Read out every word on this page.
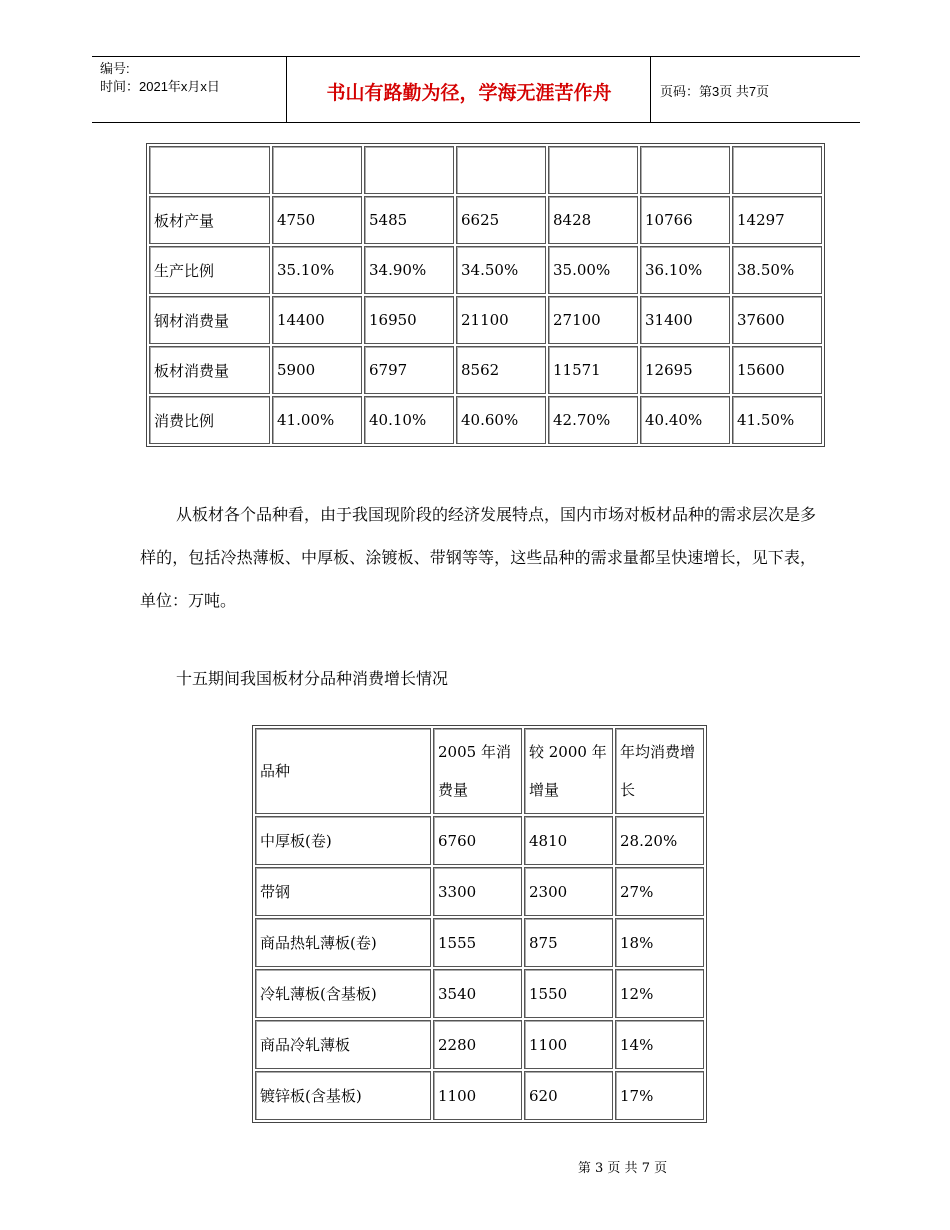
编号:
时间：2021年x月x日	书山有路勤为径，学海无涯苦作舟	页码：第3页 共7页

板材产量	4750	5485	6625	8428	10766	14297
生产比例	35.10%	34.90%	34.50%	35.00%	36.10%	38.50%
钢材消费量	14400	16950	21100	27100	31400	37600
板材消费量	5900	6797	8562	11571	12695	15600
消费比例	41.00%	40.10%	40.60%	42.70%	40.40%	41.50%
从板材各个品种看，由于我国现阶段的经济发展特点，国内市场对板材品种的需求层次是多样的，包括冷热薄板、中厚板、涂镀板、带钢等等，这些品种的需求量都呈快速增长，见下表，单位：万吨。
十五期间我国板材分品种消费增长情况
品种	2005 年消费量	较 2000 年增量	年均消费增长
中厚板(卷)	6760	4810	28.20%
带钢	3300	2300	27%
商品热轧薄板(卷)	1555	875	18%
冷轧薄板(含基板)	3540	1550	12%
商品冷轧薄板	2280	1100	14%
镀锌板(含基板)	1100	620	17%
第 3 页 共 7 页
